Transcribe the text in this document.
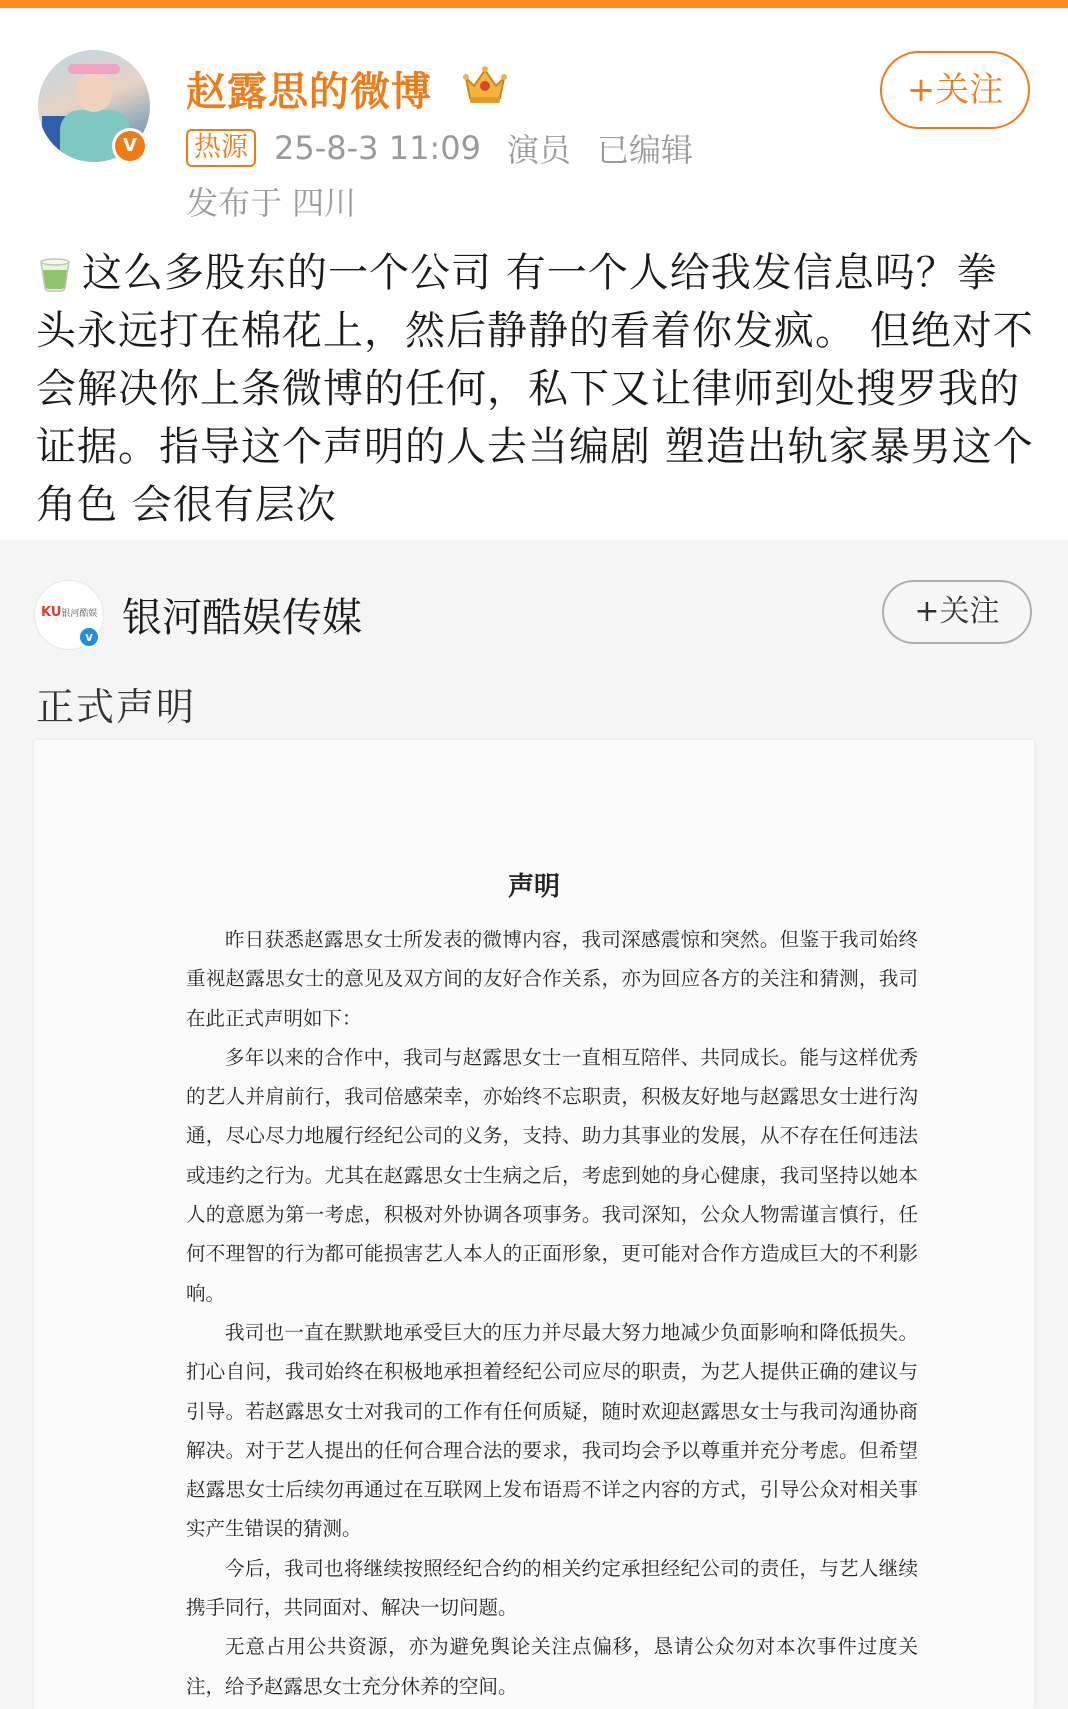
V
赵露思的微博	+关注
热源 25-8-3 11:09 演员 已编辑
发布于 四川
这么多股东的一个公司 有一个人给我发信息吗？拳头永远打在棉花上，然后静静的看着你发疯。 但绝对不会解决你上条微博的任何，私下又让律师到处搜罗我的证据。指导这个声明的人去当编剧 塑造出轨家暴男这个角色 会很有层次
KU银河酷娱
v 银河酷娱传媒	+关注
正式声明
声明

昨日获悉赵露思女士所发表的微博内容，我司深感震惊和突然。但鉴于我司始终重视赵露思女士的意见及双方间的友好合作关系，亦为回应各方的关注和猜测，我司在此正式声明如下：

多年以来的合作中，我司与赵露思女士一直相互陪伴、共同成长。能与这样优秀的艺人并肩前行，我司倍感荣幸，亦始终不忘职责，积极友好地与赵露思女士进行沟通，尽心尽力地履行经纪公司的义务，支持、助力其事业的发展，从不存在任何违法或违约之行为。尤其在赵露思女士生病之后，考虑到她的身心健康，我司坚持以她本人的意愿为第一考虑，积极对外协调各项事务。我司深知，公众人物需谨言慎行，任何不理智的行为都可能损害艺人本人的正面形象，更可能对合作方造成巨大的不利影响。

我司也一直在默默地承受巨大的压力并尽最大努力地减少负面影响和降低损失。扪心自问，我司始终在积极地承担着经纪公司应尽的职责，为艺人提供正确的建议与引导。若赵露思女士对我司的工作有任何质疑，随时欢迎赵露思女士与我司沟通协商解决。对于艺人提出的任何合理合法的要求，我司均会予以尊重并充分考虑。但希望赵露思女士后续勿再通过在互联网上发布语焉不详之内容的方式，引导公众对相关事实产生错误的猜测。

今后，我司也将继续按照经纪合约的相关约定承担经纪公司的责任，与艺人继续携手同行，共同面对、解决一切问题。

无意占用公共资源，亦为避免舆论关注点偏移，恳请公众勿对本次事件过度关注，给予赵露思女士充分休养的空间。
